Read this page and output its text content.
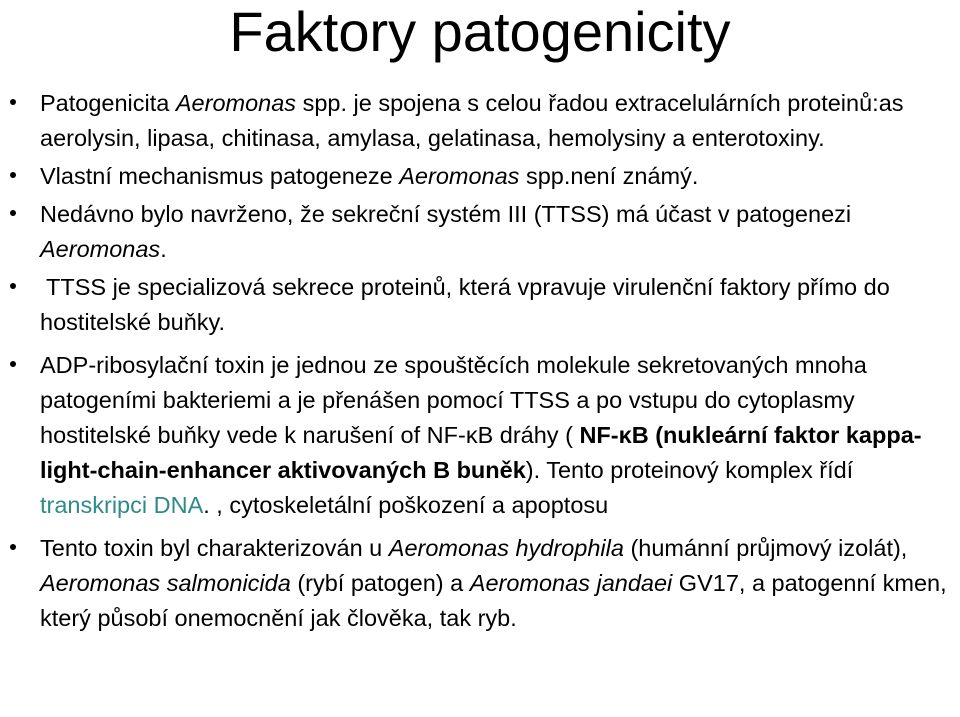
Faktory patogenicity
Patogenicita Aeromonas spp. je spojena s celou řadou extracelulárních proteinů:as aerolysin, lipasa, chitinasa, amylasa, gelatinasa, hemolysiny a enterotoxiny.
Vlastní mechanismus patogeneze Aeromonas spp.není známý.
Nedávno bylo navrženo, že sekreční systém III (TTSS) má účast v patogenezi Aeromonas.
TTSS je specializová sekrece proteinů, která vpravuje virulenční faktory přímo do hostitelské buňky.
ADP-ribosylační toxin je jednou ze spouštěcích molekule sekretovaných mnoha patogeními bakteriemi a je přenášen pomocí TTSS a po vstupu do cytoplasmy hostitelské buňky vede k narušení of NF-κB dráhy ( NF-κB (nukleární faktor kappa-light-chain-enhancer aktivovaných B buněk). Tento proteinový komplex řídí transkripci DNA. , cytoskeletální poškození a apoptosu
Tento toxin byl charakterizován u Aeromonas hydrophila (humánní průjmový izolát), Aeromonas salmonicida (rybí patogen) a Aeromonas jandaei GV17, a patogenní kmen, který působí onemocnění jak člověka, tak ryb.
